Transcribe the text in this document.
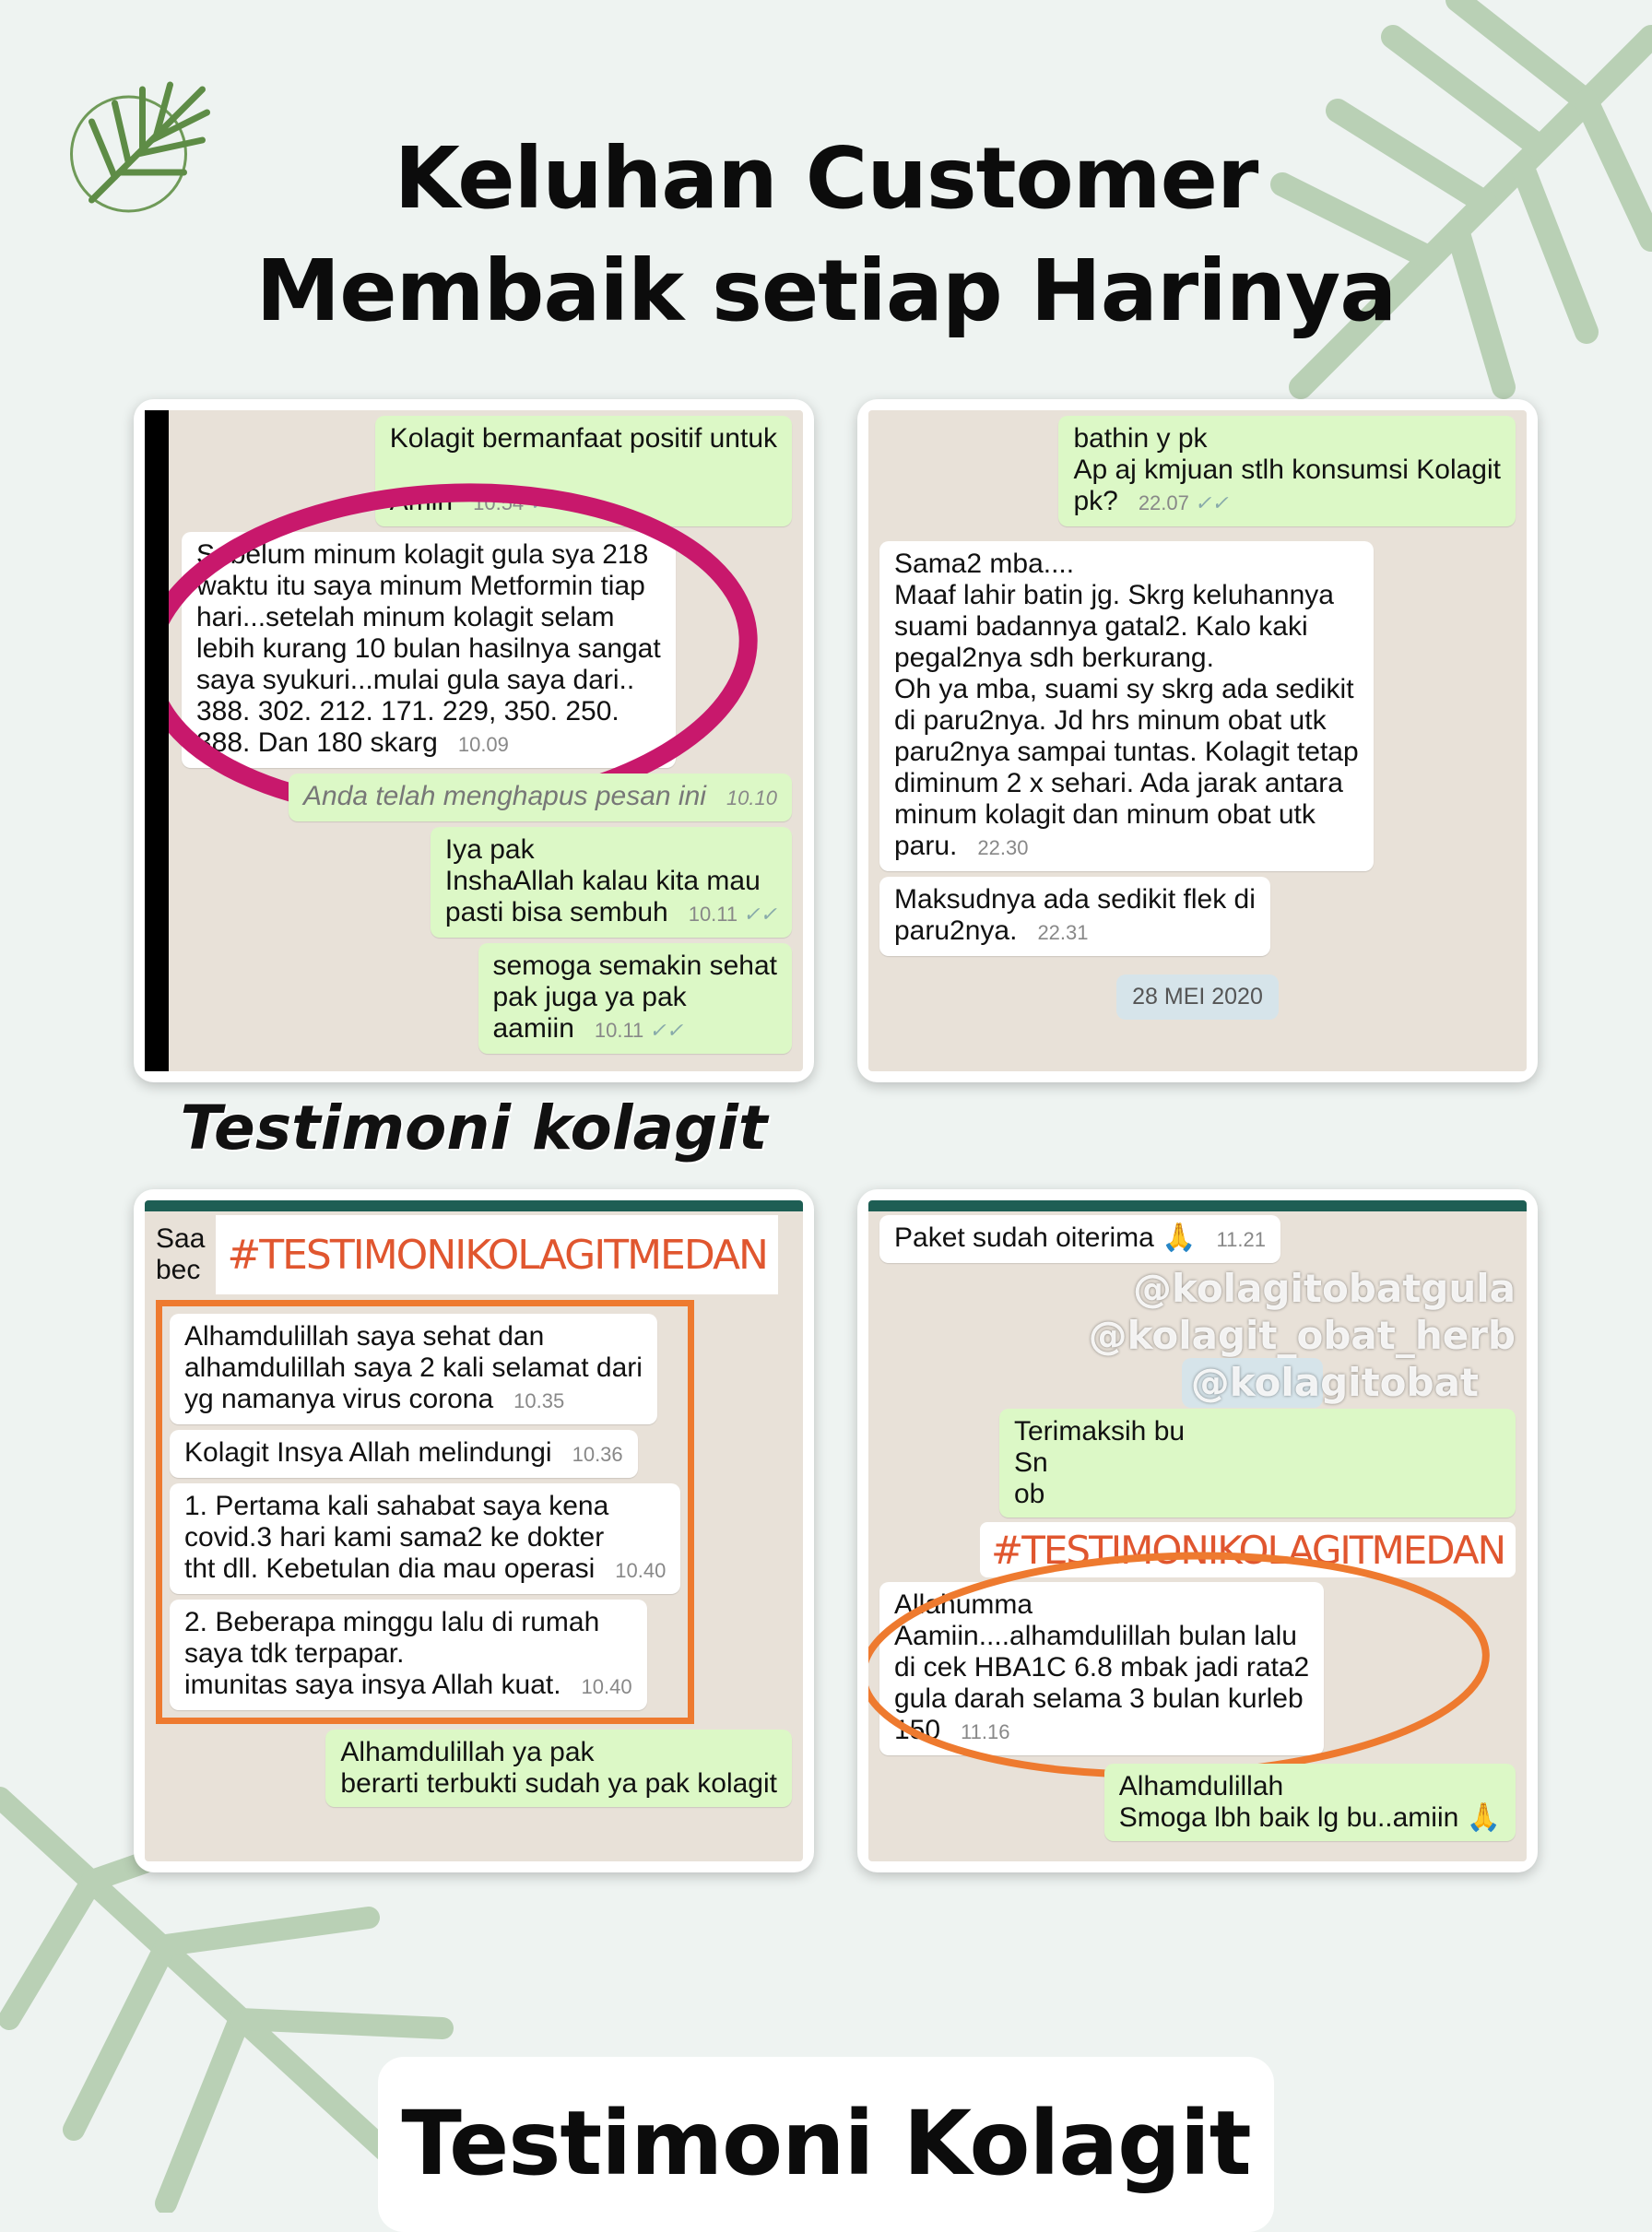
Keluhan Customer
Membaik setiap Harinya
Kolagit bermanfaat positif untuk

Amin 10.54 ✓✓
Sebelum minum kolagit gula sya 218
waktu itu saya minum Metformin tiap
hari...setelah minum kolagit selam
lebih kurang 10 bulan hasilnya sangat
saya syukuri...mulai gula saya dari..
388. 302. 212. 171. 229, 350. 250.
388. Dan 180 skarg 10.09
Anda telah menghapus pesan ini 10.10
Iya pak
InshaAllah kalau kita mau
pasti bisa sembuh 10.11 ✓✓
semoga semakin sehat
pak juga ya pak
aamiin 10.11 ✓✓
Testimoni kolagit
bathin y pk
Ap aj kmjuan stlh konsumsi Kolagit
pk? 22.07 ✓✓
Sama2 mba....
Maaf lahir batin jg. Skrg keluhannya
suami badannya gatal2. Kalo kaki
pegal2nya sdh berkurang.
Oh ya mba, suami sy skrg ada sedikit
di paru2nya. Jd hrs minum obat utk
paru2nya sampai tuntas. Kolagit tetap
diminum 2 x sehari. Ada jarak antara
minum kolagit dan minum obat utk
paru. 22.30
Maksudnya ada sedikit flek di
paru2nya. 22.31
28 MEI 2020
Saa
bec #TESTIMONIKOLAGITMEDAN
Alhamdulillah saya sehat dan
alhamdulillah saya 2 kali selamat dari
yg namanya virus corona 10.35
Kolagit Insya Allah melindungi 10.36
1. Pertama kali sahabat saya kena
covid.3 hari kami sama2 ke dokter
tht dll. Kebetulan dia mau operasi 10.40
2. Beberapa minggu lalu di rumah
saya tdk terpapar.
imunitas saya insya Allah kuat. 10.40
Alhamdulillah ya pak
berarti terbukti sudah ya pak kolagit
Paket sudah oiterima 🙏 11.21
@kolagitobatgula
@kolagit_obat_herb
@kolagitobat
Terimaksih bu
Sn
ob
#TESTIMONIKOLAGITMEDAN
Allahumma
Aamiin....alhamdulillah bulan lalu
di cek HBA1C 6.8 mbak jadi rata2
gula darah selama 3 bulan kurleb
150 11.16
Alhamdulillah
Smoga lbh baik lg bu..amiin 🙏
Testimoni Kolagit
